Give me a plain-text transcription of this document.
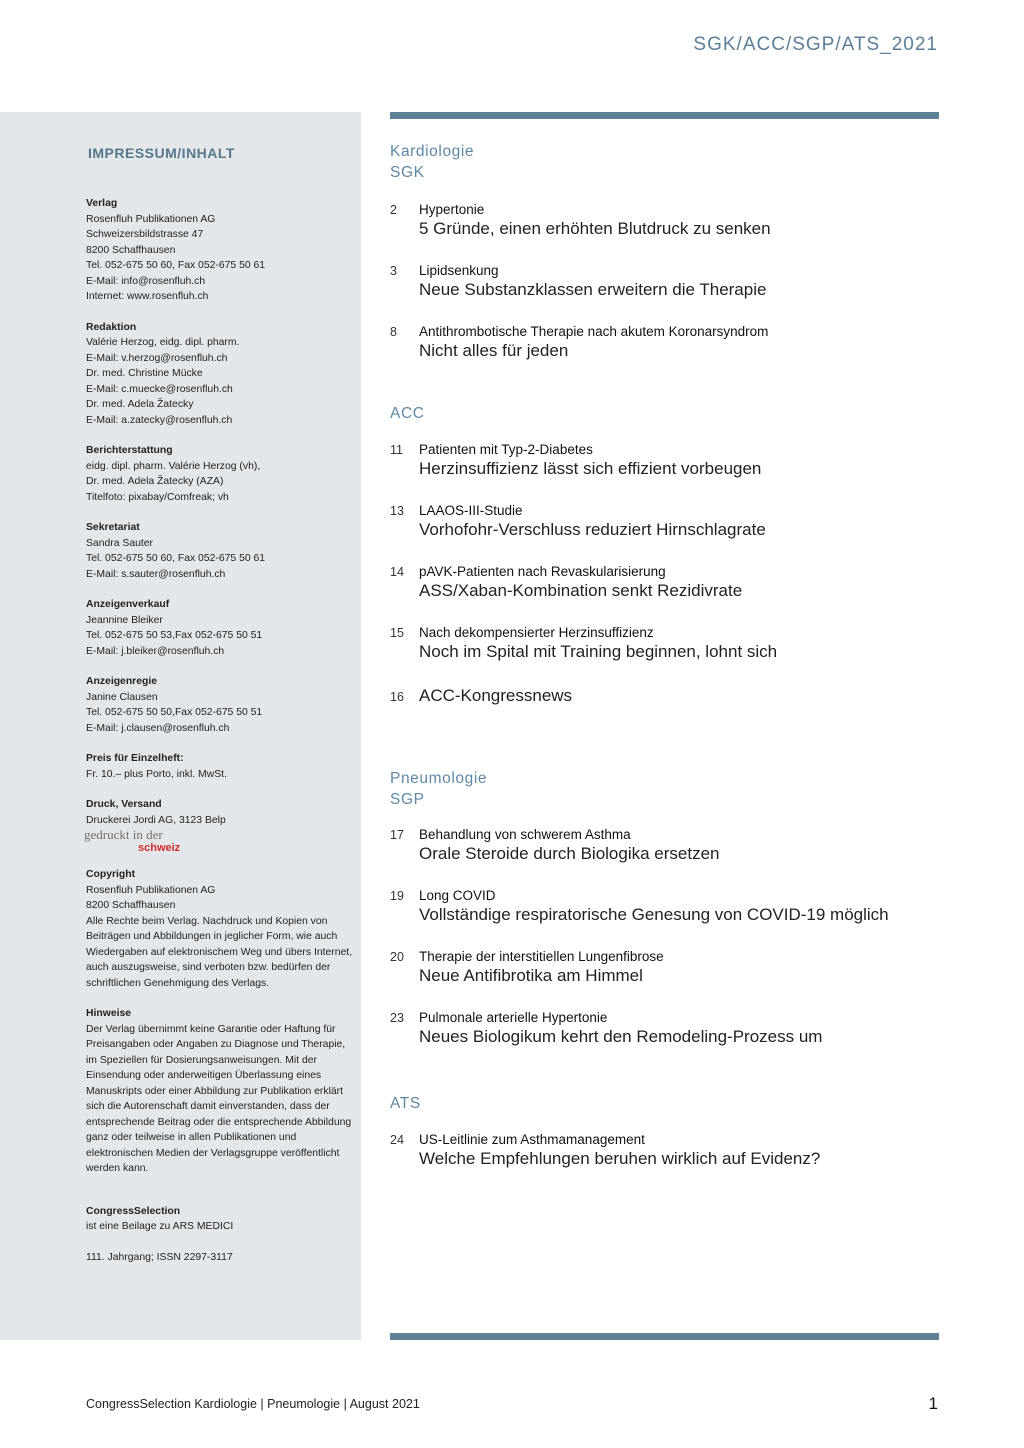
SGK/ACC/SGP/ATS_2021
IMPRESSUM/INHALT
Verlag
Rosenfluh Publikationen AG
Schweizersbildstrasse 47
8200 Schaffhausen
Tel. 052-675 50 60, Fax 052-675 50 61
E-Mail: info@rosenfluh.ch
Internet: www.rosenfluh.ch
Redaktion
Valérie Herzog, eidg. dipl. pharm.
E-Mail: v.herzog@rosenfluh.ch
Dr. med. Christine Mücke
E-Mail: c.muecke@rosenfluh.ch
Dr. med. Adela Žatecky
E-Mail: a.zatecky@rosenfluh.ch
Berichterstattung
eidg. dipl. pharm. Valérie Herzog (vh),
Dr. med. Adela Žatecky (AZA)
Titelfoto: pixabay/Comfreak; vh
Sekretariat
Sandra Sauter
Tel. 052-675 50 60, Fax 052-675 50 61
E-Mail: s.sauter@rosenfluh.ch
Anzeigenverkauf
Jeannine Bleiker
Tel. 052-675 50 53,Fax 052-675 50 51
E-Mail: j.bleiker@rosenfluh.ch
Anzeigenregie
Janine Clausen
Tel. 052-675 50 50,Fax 052-675 50 51
E-Mail: j.clausen@rosenfluh.ch
Preis für Einzelheft:
Fr. 10.– plus Porto, inkl. MwSt.
Druck, Versand
Druckerei Jordi AG, 3123 Belp
gedruckt in der
schweiz
Copyright
Rosenfluh Publikationen AG
8200 Schaffhausen
Alle Rechte beim Verlag. Nachdruck und Kopien von Beiträgen und Abbildungen in jeglicher Form, wie auch Wiedergaben auf elektronischem Weg und übers Internet, auch auszugsweise, sind verboten bzw. bedürfen der schriftlichen Genehmigung des Verlags.
Hinweise
Der Verlag übernimmt keine Garantie oder Haftung für Preisangaben oder Angaben zu Diagnose und Therapie, im Speziellen für Dosierungsanweisungen. Mit der Einsendung oder anderweitigen Überlassung eines Manuskripts oder einer Abbildung zur Publikation erklärt sich die Autorenschaft damit einverstanden, dass der entsprechende Beitrag oder die entsprechende Abbildung ganz oder teilweise in allen Publikationen und elektronischen Medien der Verlagsgruppe veröffentlicht werden kann.
CongressSelection
ist eine Beilage zu ARS MEDICI
111. Jahrgang; ISSN 2297-3117
Kardiologie
SGK
2 Hypertonie
5 Gründe, einen erhöhten Blutdruck zu senken
3 Lipidsenkung
Neue Substanzklassen erweitern die Therapie
8 Antithrombotische Therapie nach akutem Koronarsyndrom
Nicht alles für jeden
ACC
11 Patienten mit Typ-2-Diabetes
Herzinsuffizienz lässt sich effizient vorbeugen
13 LAAOS-III-Studie
Vorhofohr-Verschluss reduziert Hirnschlagrate
14 pAVK-Patienten nach Revaskularisierung
ASS/Xaban-Kombination senkt Rezidivrate
15 Nach dekompensierter Herzinsuffizienz
Noch im Spital mit Training beginnen, lohnt sich
16 ACC-Kongressnews
Pneumologie
SGP
17 Behandlung von schwerem Asthma
Orale Steroide durch Biologika ersetzen
19 Long COVID
Vollständige respiratorische Genesung von COVID-19 möglich
20 Therapie der interstitiellen Lungenfibrose
Neue Antifibrotika am Himmel
23 Pulmonale arterielle Hypertonie
Neues Biologikum kehrt den Remodeling-Prozess um
ATS
24 US-Leitlinie zum Asthmamanagement
Welche Empfehlungen beruhen wirklich auf Evidenz?
CongressSelection Kardiologie | Pneumologie | August 2021	1
